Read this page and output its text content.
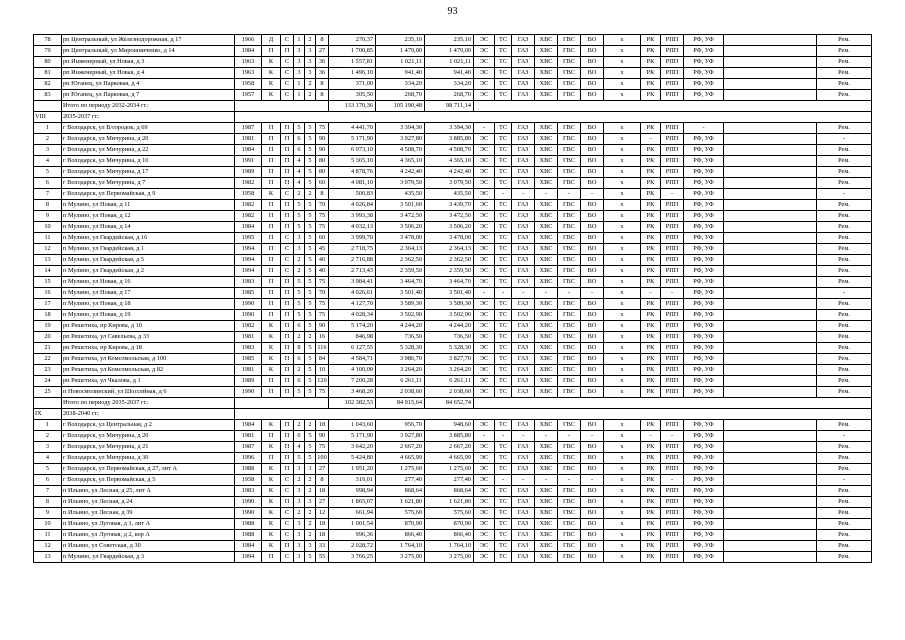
93
78	рп Центральный, ул Железнодорожная, д 17	1966	Д	С	1	2	8	270,37	235,10	235,10	ЭС	ТС	ГАЗ	ХВС	ГВС	ВО	х	РК	РПП	РФ, УФ		Рем.
79	рп Центральный, ул Мирошниченко, д 14	1984	П	П	3	3	27	1 700,85	1 479,00	1 479,00	ЭС	ТС	ГАЗ	ХВС	ГВС	ВО	х	РК	РПП	РФ, УФ		Рем.
80	рп Инженерный, ул Новая, д 3	1963	К	С	3	3	36	1 557,81	1 021,11	1 021,11	ЭС	ТС	ГАЗ	ХВС	ГВС	ВО	х	РК	РПП	РФ, УФ		Рем.
81	рп Инженерный, ул Новая, д 4	1963	К	С	3	3	36	1 496,10	941,40	941,40	ЭС	ТС	ГАЗ	ХВС	ГВС	ВО	х	РК	РПП	РФ, УФ		Рем.
82	рп Юганец, ул Парковая, д 4	1958	К	С	1	2	8	371,00	334,20	334,20	ЭС	ТС	ГАЗ	ХВС	ГВС	ВО	х	РК	РПП	РФ, УФ		Рем.
83	рп Юганец, ул Парковая, д 7	1957	К	С	1	2	8	305,50	268,70	268,70	ЭС	ТС	ГАЗ	ХВС	ГВС	ВО	х	РК	РПП	РФ, УФ		Рем.
	Итого по периоду 2032-2034 гг.:							133 170,36	105 190,48	98 711,14												
VIII	2035-2037 гг.:																					
1	г Володарск, ул В/городок, д 69	1987	П	П	5	5	75	4 441,70	3 394,30	3 394,30	-	ТС	ГАЗ	ХВС	ГВС	ВО	х	РК	РПП	-		Рем.
2	г Володарск, ул Мичурина, д 20	1981	П	П	6	5	90	5 171,90	3 927,80	3 885,80	ЭС	ТС	ГАЗ	ХВС	ГВС	ВО	х	-	РПП	РФ, УФ		-
3	г Володарск, ул Мичурина, д 22	1984	П	П	6	5	90	6 073,10	4 508,70	4 508,70	ЭС	ТС	ГАЗ	ХВС	ГВС	ВО	х	РК	РПП	РФ, УФ		Рем.
4	г Володарск, ул Мичурина, д 10	1991	П	П	4	5	80	5 365,10	4 365,10	4 365,10	ЭС	ТС	ГАЗ	ХВС	ГВС	ВО	х	РК	РПП	РФ, УФ		Рем.
5	г Володарск, ул Мичурина, д 17	1989	П	П	4	5	80	4 878,76	4 242,40	4 242,40	ЭС	ТС	ГАЗ	ХВС	ГВС	ВО	х	РК	РПП	РФ, УФ		Рем.
6	г Володарск, ул Мичурина, д 7	1982	П	П	4	5	60	4 081,10	3 079,50	3 079,50	ЭС	ТС	ГАЗ	ХВС	ГВС	ВО	х	РК	РПП	РФ, УФ		Рем.
7	г Володарск, ул Первомайская, д 9	1958	К	С	2	2	8	500,83	435,50	435,50	ЭС	-	-	-	-	-	х	РК	-	РФ, УФ		-
8	п Мулино, ул Новая, д 11	1982	П	П	5	5	70	4 026,84	3 501,60	3 439,70	ЭС	ТС	ГАЗ	ХВС	ГВС	ВО	х	РК	РПП	РФ, УФ		Рем.
9	п Мулино, ул Новая, д 12	1982	П	П	5	5	75	3 993,38	3 472,50	3 472,50	ЭС	ТС	ГАЗ	ХВС	ГВС	ВО	х	РК	РПП	РФ, УФ		Рем.
10	п Мулино, ул Новая, д 14	1984	П	П	5	5	75	4 032,13	3 506,20	3 506,20	ЭС	ТС	ГАЗ	ХВС	ГВС	ВО	х	РК	РПП	РФ, УФ		Рем.
11	п Мулино, ул Гвардейская, д 16	1995	П	С	3	5	60	3 999,70	3 478,00	3 478,00	ЭС	ТС	ГАЗ	ХВС	ГВС	ВО	х	РК	РПП	РФ, УФ		Рем.
12	п Мулино, ул Гвардейская, д 1	1994	П	С	3	5	45	2 718,75	2 364,13	2 364,13	ЭС	ТС	ГАЗ	ХВС	ГВС	ВО	х	РК	РПП	РФ, УФ		Рем.
13	п Мулино, ул Гвардейская, д 5	1994	П	С	2	5	40	2 716,88	2 362,50	2 362,50	ЭС	ТС	ГАЗ	ХВС	ГВС	ВО	х	РК	РПП	РФ, УФ		Рем.
14	п Мулино, ул Гвардейская, д 2	1994	П	С	2	5	40	2 713,43	2 359,50	2 359,50	ЭС	ТС	ГАЗ	ХВС	ГВС	ВО	х	РК	РПП	РФ, УФ		Рем.
15	п Мулино, ул Новая, д 16	1983	П	П	5	5	75	3 984,41	3 464,70	3 464,70	ЭС	ТС	ГАЗ	ХВС	ГВС	ВО	х	РК	РПП	РФ, УФ		Рем.
16	п Мулино, ул Новая, д 17	1985	П	П	5	5	70	4 026,61	3 501,40	3 501,40	-	-	-	-	-	-	х	-	-	РФ, УФ		-
17	п Мулино, ул Новая, д 18	1990	П	П	5	5	75	4 127,70	3 589,30	3 589,30	ЭС	ТС	ГАЗ	ХВС	ГВС	ВО	х	РК	РПП	РФ, УФ		Рем.
18	п Мулино, ул Новая, д 19	1990	П	П	5	5	75	4 028,34	3 502,90	3 502,90	ЭС	ТС	ГАЗ	ХВС	ГВС	ВО	х	РК	РПП	РФ, УФ		Рем.
19	рп Решетиха, пр Кирова, д 10	1982	К	П	6	5	90	5 174,20	4 244,20	4 244,20	ЭС	ТС	ГАЗ	ХВС	ГВС	ВО	х	РК	РПП	РФ, УФ		Рем.
20	рп Решетиха, ул Савельева, д 33	1981	К	П	2	2	16	846,98	736,50	736,50	ЭС	ТС	ГАЗ	ХВС	ГВС	ВО	х	РК	РПП	РФ, УФ		Рем.
21	рп Решетиха, пр Кирова, д 18	1983	К	П	8	5	116	6 127,55	5 328,30	5 328,30	ЭС	ТС	ГАЗ	ХВС	ГВС	ВО	х	РК	РПП	РФ, УФ		Рем.
22	рп Решетиха, ул Комсомольская, д 100	1985	К	П	6	5	84	4 584,71	3 986,70	3 827,70	ЭС	ТС	ГАЗ	ХВС	ГВС	ВО	х	РК	РПП	РФ, УФ		Рем.
23	рп Решетиха, ул Комсомольская, д 82	1981	К	П	2	5	10	4 100,00	3 264,20	3 264,20	ЭС	ТС	ГАЗ	ХВС	ГВС	ВО	х	РК	РПП	РФ, УФ		Рем.
24	рп Решетиха, ул Чкалова, д 1	1989	П	П	6	5	120	7 200,28	6 261,11	6 261,11	ЭС	ТС	ГАЗ	ХВС	ГВС	ВО	х	РК	РПП	РФ, УФ		Рем.
25	п Новосмолинский, ул Шоссейная, д 6	1990	П	П	5	5	75	3 468,20	2 038,60	2 038,60	ЭС	ТС	ГАЗ	ХВС	ГВС	ВО	х	РК	РПП	РФ, УФ		Рем.
	Итого по периоду 2035-2037 гг.:							102 382,53	84 915,64	84 652,74												
IX	2038-2040 гг.:																					
1	г Володарск, ул Центральная, д 2	1984	К	П	2	2	18	1 043,60	956,70	948,60	ЭС	ТС	ГАЗ	ХВС	ГВС	ВО	х	РК	РПП	РФ, УФ		Рем.
2	г Володарск, ул Мичурина, д 20	1981	П	П	6	5	90	5 171,90	3 927,80	3 885,80	-	-	-	-	-	-	х	-	-	РФ, УФ		-
3	г Володарск, ул Мичурина, д 21	1987	К	П	4	5	75	3 642,20	2 667,20	2 667,20	ЭС	ТС	ГАЗ	ХВС	ГВС	ВО	х	РК	РПП	РФ, УФ		Рем.
4	г Володарск, ул Мичурина, д 30	1996	П	П	5	5	100	5 424,80	4 665,99	4 665,99	ЭС	ТС	ГАЗ	ХВС	ГВС	ВО	х	РК	РПП	РФ, УФ		Рем.
5	г Володарск, ул Первомайская, д 27, лит А	1988	К	П	3	3	27	1 951,20	1 275,60	1 275,60	ЭС	ТС	ГАЗ	ХВС	ГВС	ВО	х	РК	РПП	РФ, УФ		Рем.
6	г Володарск, ул Первомайская, д 5	1958	К	С	2	2	8	319,01	277,40	277,40	ЭС	-	-	-	-	-	х	РК	-	РФ, УФ		-
7	п Ильино, ул Лесная, д 25, лит А	1983	К	С	3	2	18	998,94	868,64	868,64	ЭС	ТС	ГАЗ	ХВС	ГВС	ВО	х	РК	РПП	РФ, УФ		Рем.
8	п Ильино, ул Лесная, д 24	1990	К	П	3	3	27	1 865,07	1 621,80	1 621,80	ЭС	ТС	ГАЗ	ХВС	ГВС	ВО	х	РК	РПП	РФ, УФ		Рем.
9	п Ильино, ул Лесная, д 39	1990	К	С	2	2	12	661,94	575,60	575,60	ЭС	ТС	ГАЗ	ХВС	ГВС	ВО	х	РК	РПП	РФ, УФ		Рем.
10	п Ильино, ул Луговая, д 1, лит А	1988	К	С	3	2	18	1 001,54	870,90	870,90	ЭС	ТС	ГАЗ	ХВС	ГВС	ВО	х	РК	РПП	РФ, УФ		Рем.
11	п Ильино, ул Луговая, д 2, кор А	1988	К	С	3	2	18	996,36	866,40	866,40	ЭС	ТС	ГАЗ	ХВС	ГВС	ВО	х	РК	РПП	РФ, УФ		Рем.
12	п Ильино, ул Советская, д 30	1984	К	П	3	3	33	2 028,72	1 764,10	1 764,10	ЭС	ТС	ГАЗ	ХВС	ГВС	ВО	х	РК	РПП	РФ, УФ		Рем.
13	п Мулино, ул Гвардейская, д 3	1994	П	С	3	5	55	3 766,25	3 275,00	3 275,00	ЭС	ТС	ГАЗ	ХВС	ГВС	ВО	х	РК	РПП	РФ, УФ		Рем.
